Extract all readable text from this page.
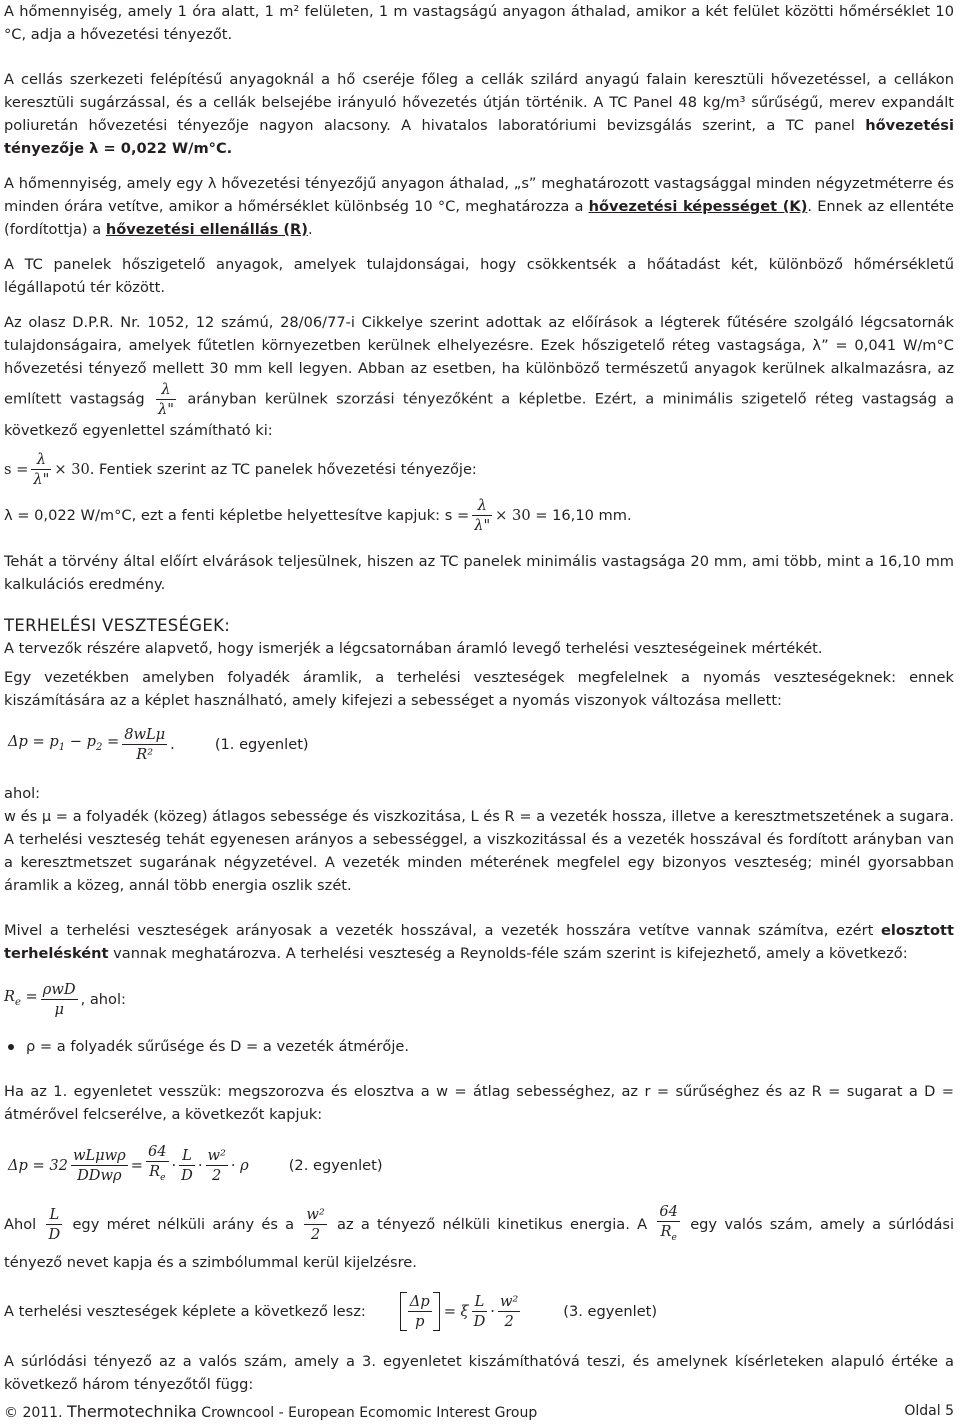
A hőmennyiség, amely 1 óra alatt, 1 m² felületen, 1 m vastagságú anyagon áthalad, amikor a két felület közötti hőmérséklet 10 °C, adja a hővezetési tényezőt.

A cellás szerkezeti felépítésű anyagoknál a hő cseréje főleg a cellák szilárd anyagú falain keresztüli hővezetéssel, a cellákon keresztüli sugárzással, és a cellák belsejébe irányuló hővezetés útján történik. A TC Panel 48 kg/m³ sűrűségű, merev expandált poliuretán hővezetési tényezője nagyon alacsony. A hivatalos laboratóriumi bevizsgálás szerint, a TC panel hővezetési tényezője λ = 0,022 W/m°C.

A hőmennyiség, amely egy λ hővezetési tényezőjű anyagon áthalad, „s” meghatározott vastagsággal minden négyzetméterre és minden órára vetítve, amikor a hőmérséklet különbség 10 °C, meghatározza a hővezetési képességet (K). Ennek az ellentéte (fordítottja) a hővezetési ellenállás (R).

A TC panelek hőszigetelő anyagok, amelyek tulajdonságai, hogy csökkentsék a hőátadást két, különböző hőmérsékletű légállapotú tér között.

Az olasz D.P.R. Nr. 1052, 12 számú, 28/06/77-i Cikkelye szerint adottak az előírások a légterek fűtésére szolgáló légcsatornák tulajdonságaira, amelyek fűtetlen környezetben kerülnek elhelyezésre. Ezek hőszigetelő réteg vastagsága, λ” = 0,041 W/m°C hővezetési tényező mellett 30 mm kell legyen. Abban az esetben, ha különböző természetű anyagok kerülnek alkalmazásra, az említett vastagság $\frac{\lambda}{\lambda"}$ arányban kerülnek szorzási tényezőként a képletbe. Ezért, a minimális szigetelő réteg vastagság a következő egyenlettel számítható ki:

$s = \frac{\lambda}{\lambda"} \times 30$.
Fentiek szerint az TC panelek hővezetési tényezője:
λ = 0,022 W/m°C, ezt a fenti képletbe helyettesítve kapjuk: $s = \frac{\lambda}{\lambda"} \times 30$
= 16,10 mm.

Tehát a törvény által előírt elvárások teljesülnek, hiszen az TC panelek minimális vastagsága 20 mm, ami több, mint a 16,10 mm kalkulációs eredmény.

TERHELÉSI VESZTESÉGEK:

A tervezők részére alapvető, hogy ismerjék a légcsatornában áramló levegő terhelési veszteségeinek mértékét.

Egy vezetékben amelyben folyadék áramlik, a terhelési veszteségek megfelelnek a nyomás veszteségeknek: ennek kiszámítására az a képlet használható, amely kifejezi a sebességet a nyomás viszonyok változása mellett:

$\Delta p = p_1 - p_2 = \frac{\text{8wLμ}}{\text{R²}}$ .	(1. egyenlet)

ahol:

w és μ = a folyadék (közeg) átlagos sebessége és viszkozitása, L és R = a vezeték hossza, illetve a keresztmetszetének a sugara. A terhelési veszteség tehát egyenesen arányos a sebességgel, a viszkozitással és a vezeték hosszával és fordított arányban van a keresztmetszet sugarának négyzetével. A vezeték minden méterének megfelel egy bizonyos veszteség; minél gyorsabban áramlik a közeg, annál több energia oszlik szét.

Mivel a terhelési veszteségek arányosak a vezeték hosszával, a vezeték hosszára vetítve vannak számítva, ezért elosztott terhelésként vannak meghatározva. A terhelési veszteség a Reynolds-féle szám szerint is kifejezhető, amely a következő:

$R_e = \frac{\text{ρwD}}{\mu}$ , ahol:
ρ = a folyadék sűrűsége és D = a vezeték átmérője.

Ha az 1. egyenletet vesszük: megszorozva és elosztva a w = átlag sebességhez, az r = sűrűséghez és az R = sugarat a D = átmérővel felcserélve, a következőt kapjuk:

$\Delta p = 32 \frac{\text{wLμwρ}}{\text{DDwρ}} = \frac{64}{R_e} \cdot \frac{L}{D} \cdot \frac{\text{w²}}{2} \cdot \rho$	(2. egyenlet)
Ahol $\frac{L}{D}$ egy méret nélküli arány és a $\frac{\text{w²}}{2}$ az a tényező nélküli kinetikus energia. A $\frac{64}{R_e}$ egy valós szám, amely a súrlódási tényező nevet kapja és a szimbólummal kerül kijelzésre.
A terhelési veszteségek képlete a következő lesz:	$\frac{\Delta p}{p} = \xi \frac{L}{D} \cdot \frac{\text{w²}}{2}$	(3. egyenlet)

A súrlódási tényező az a valós szám, amely a 3. egyenletet kiszámíthatóvá teszi, és amelynek kísérleteken alapuló értéke a következő három tényezőtől függ:

© 2011. Thermotechnika Crowncool - European Ecomomic Interest Group	Oldal 5
